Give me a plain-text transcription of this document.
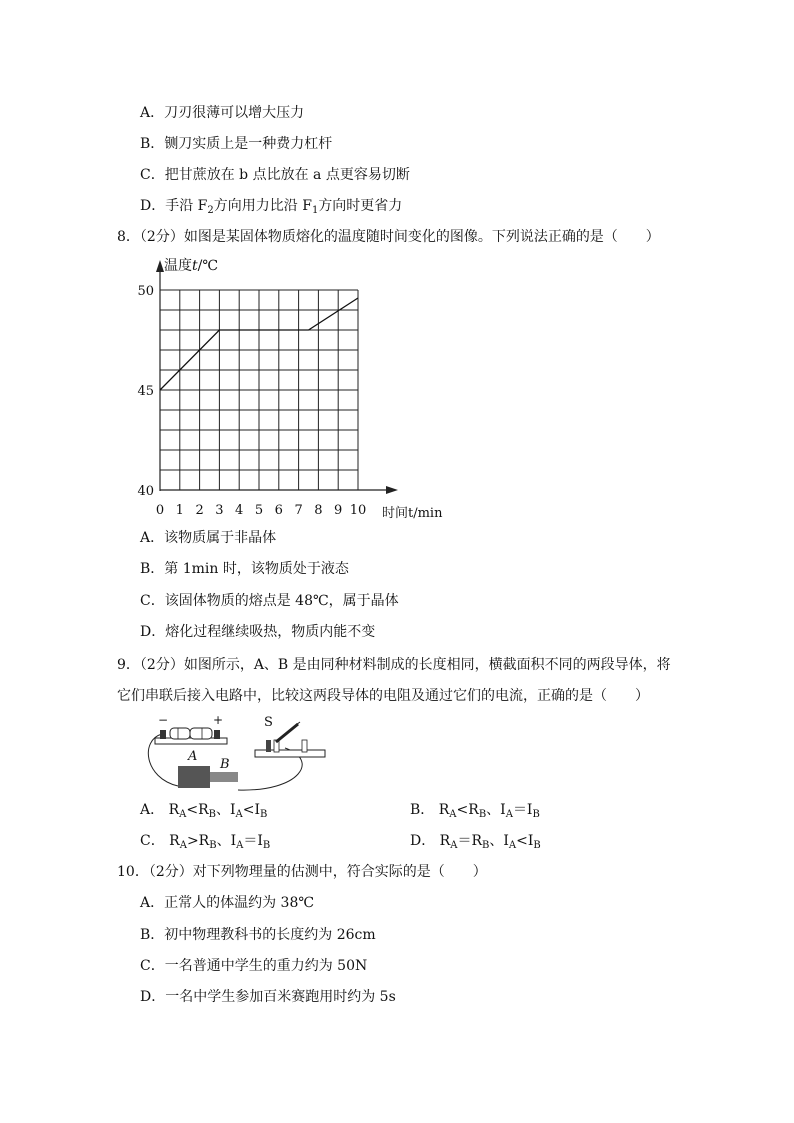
A．刀刃很薄可以增大压力
B．铡刀实质上是一种费力杠杆
C．把甘蔗放在 b 点比放在 a 点更容易切断
D．手沿 $F_2$方向用力比沿 $F_1$方向时更省力
8．（2分）如图是某固体物质熔化的温度随时间变化的图像。下列说法正确的是（　　）
50
45
40
0 1 2 3 4 5 6 7 8 9 10
温度t/℃
时间t/min
A．该物质属于非晶体
B．第 1min 时，该物质处于液态
C．该固体物质的熔点是 48℃，属于晶体
D．熔化过程继续吸热，物质内能不变
9．（2分）如图所示，A、B 是由同种材料制成的长度相同，横截面积不同的两段导体，将
它们串联后接入电路中，比较这两段导体的电阻及通过它们的电流，正确的是（　　）
−	+	S
A
B
A． $R_A<R_B$、$I_A<I_B$	B． $R_A<R_B$、$I_A=I_B$
C． $R_A>R_B$、$I_A=I_B$	D． $R_A=R_B$、$I_A<I_B$
10．（2分）对下列物理量的估测中，符合实际的是（　　）
A．正常人的体温约为 38℃
B．初中物理教科书的长度约为 26cm
C．一名普通中学生的重力约为 50N
D．一名中学生参加百米赛跑用时约为 5s
